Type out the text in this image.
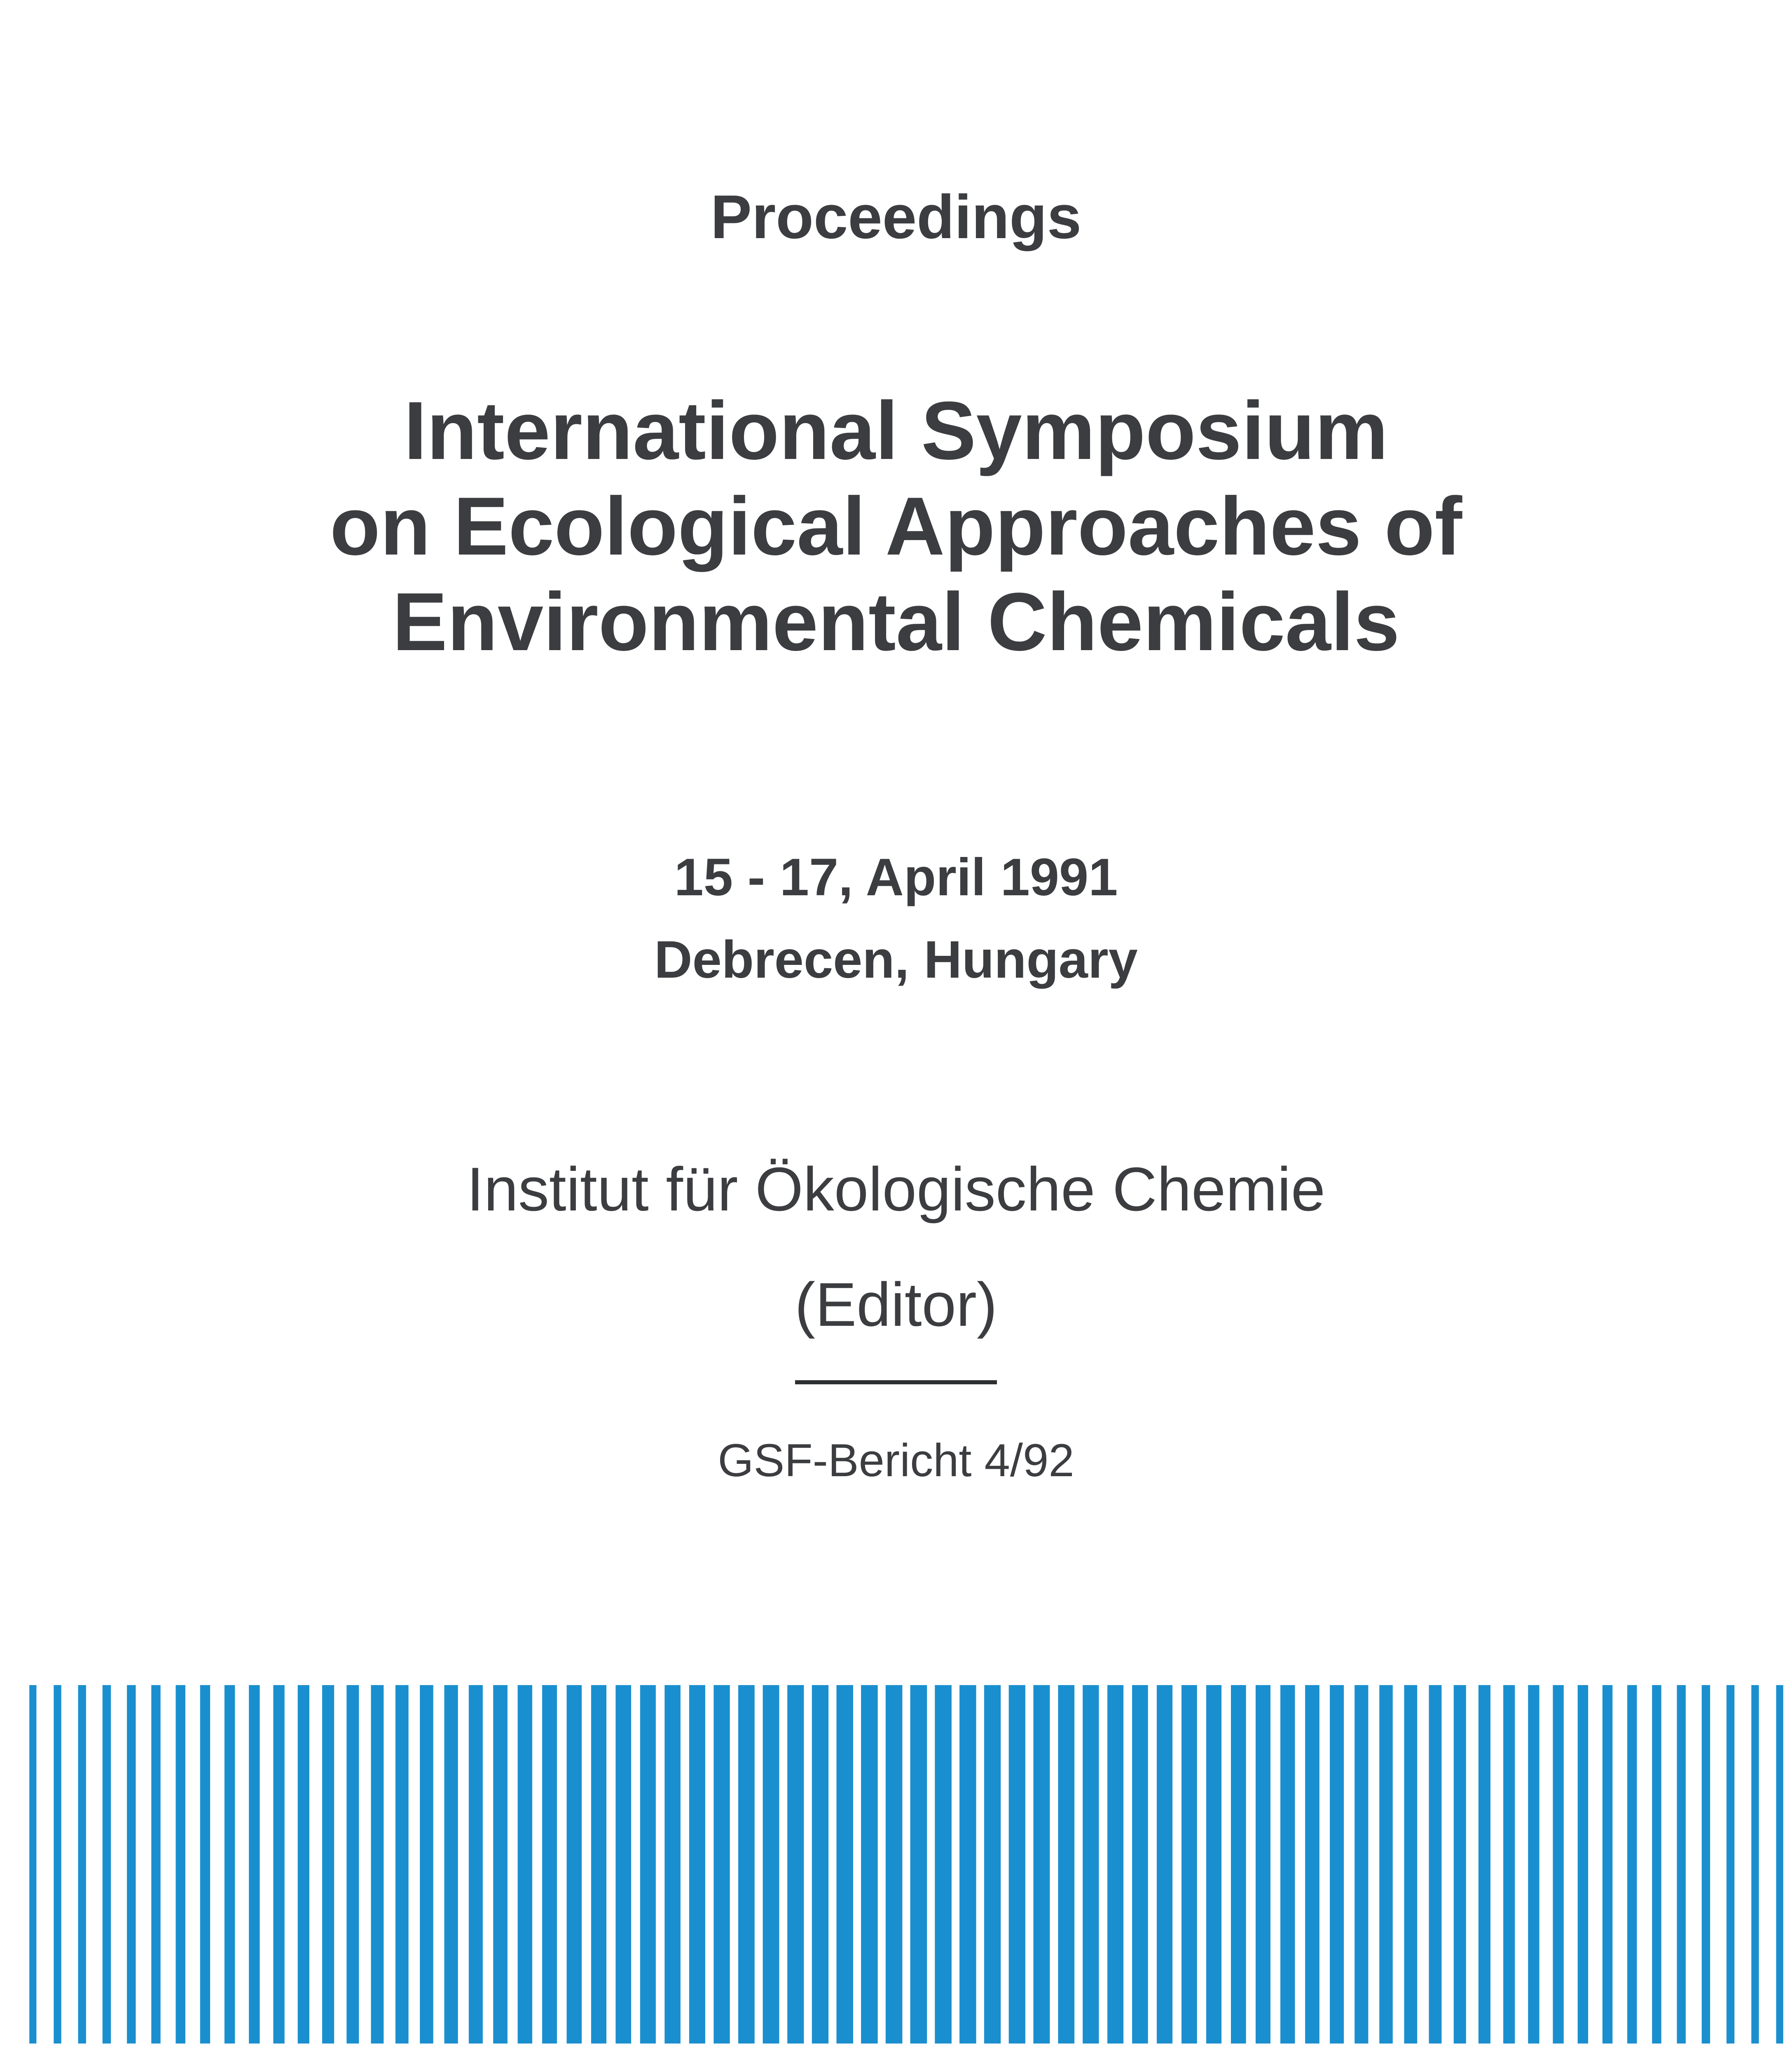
Proceedings
International Symposium
on Ecological Approaches of
Environmental Chemicals
15 - 17, April 1991
Debrecen, Hungary
Institut für Ökologische Chemie
(Editor)
GSF-Bericht 4/92
